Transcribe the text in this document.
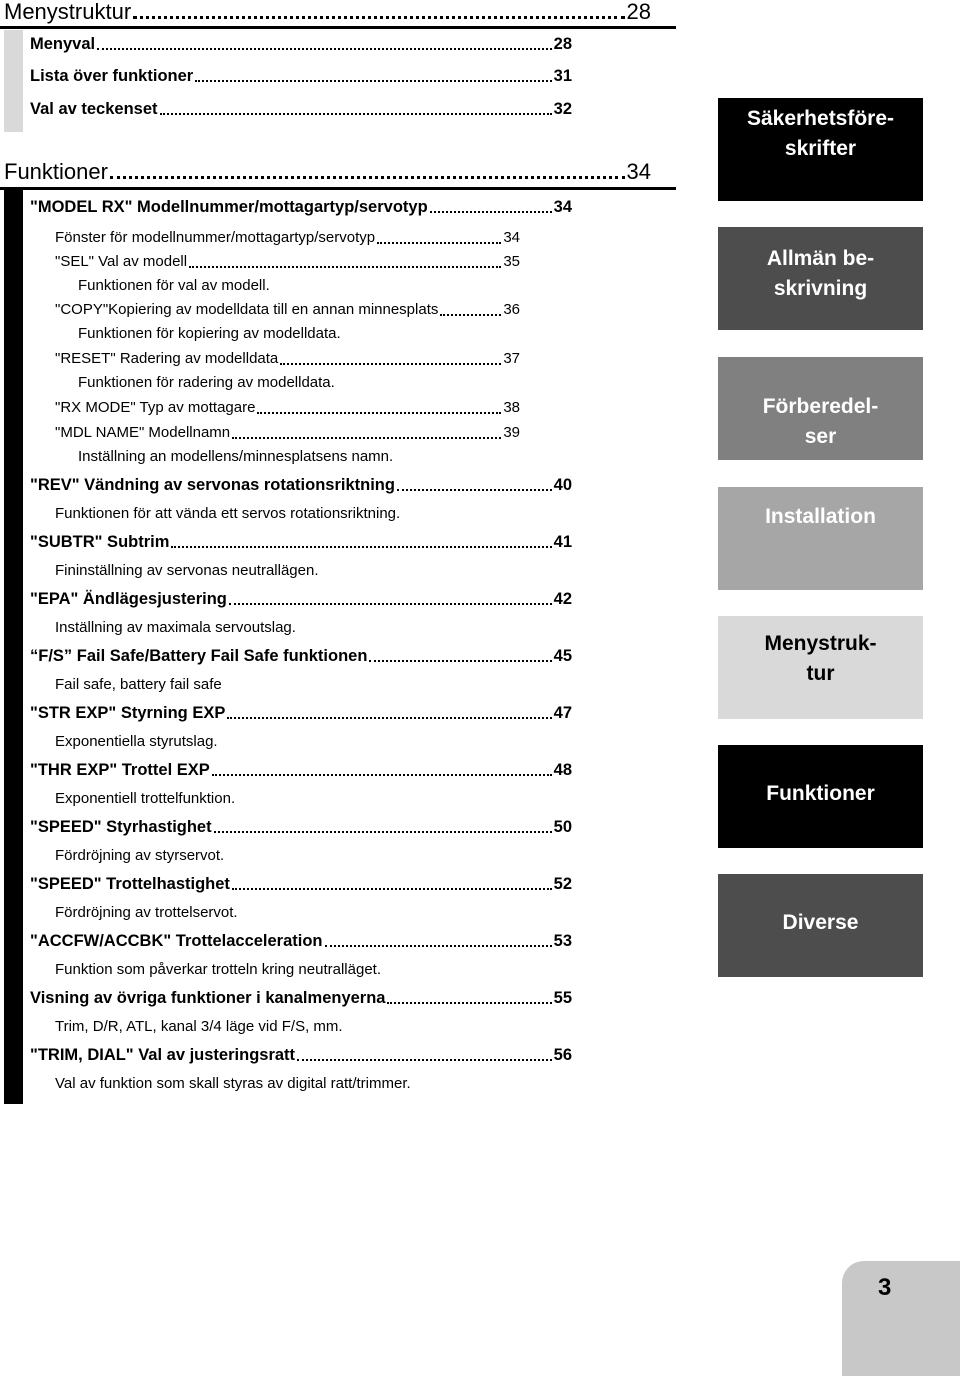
Menystruktur	28
Menyval	28
Lista över funktioner	31
Val av teckenset	32
Funktioner	34
"MODEL RX" Modellnummer/mottagartyp/servotyp	34
Fönster för modellnummer/mottagartyp/servotyp	34
"SEL" Val av modell	35
Funktionen för val av modell.
"COPY"Kopiering av modelldata till en annan minnesplats	36
Funktionen för kopiering av modelldata.
"RESET" Radering av modelldata	37
Funktionen för radering av modelldata.
"RX MODE" Typ av mottagare	38
"MDL NAME" Modellnamn	39
Inställning an modellens/minnesplatsens namn.
"REV" Vändning av servonas rotationsriktning	40
Funktionen för att vända ett servos rotationsriktning.
"SUBTR" Subtrim	41
Fininställning av servonas neutrallägen.
"EPA" Ändlägesjustering	42
Inställning av maximala servoutslag.
“F/S” Fail Safe/Battery Fail Safe funktionen	45
Fail safe, battery fail safe
"STR EXP" Styrning EXP	47
Exponentiella styrutslag.
"THR EXP" Trottel EXP	48
Exponentiell trottelfunktion.
"SPEED" Styrhastighet	50
Fördröjning av styrservot.
"SPEED" Trottelhastighet	52
Fördröjning av trottelservot.
"ACCFW/ACCBK" Trottelacceleration	53
Funktion som påverkar trotteln kring neutralläget.
Visning av övriga funktioner i kanalmenyerna	55
Trim, D/R, ATL, kanal 3/4 läge vid F/S, mm.
"TRIM, DIAL" Val av justeringsratt	56
Val av funktion som skall styras av digital ratt/trimmer.
Säkerhetsföre-
skrifter
Allmän be-
skrivning
Förberedel-
ser
Installation
Menystruk-
tur
Funktioner
Diverse
3
